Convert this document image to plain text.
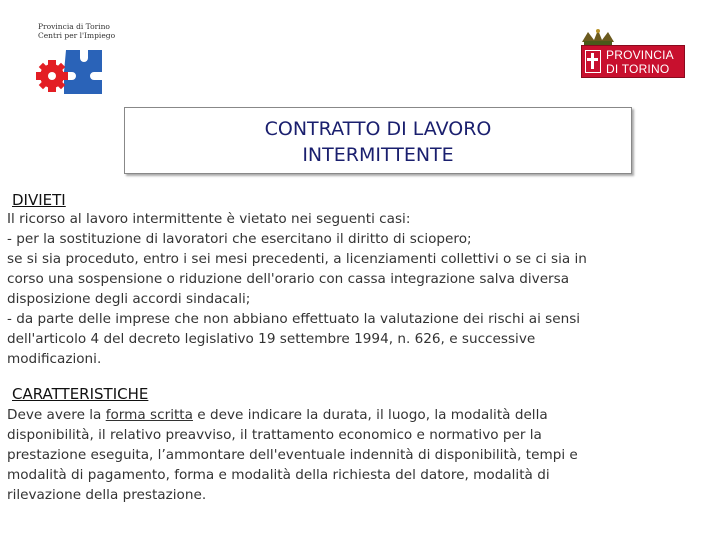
Provincia di Torino
Centri per l'Impiego
PROVINCIA
DI TORINO
CONTRATTO DI LAVORO
INTERMITTENTE
DIVIETI
Il ricorso al lavoro intermittente è vietato nei seguenti casi:
- per la sostituzione di lavoratori che esercitano il diritto di sciopero;
se si sia proceduto, entro i sei mesi precedenti, a licenziamenti collettivi o se ci sia in
corso una sospensione o riduzione dell'orario con cassa integrazione salva diversa
disposizione degli accordi sindacali;
- da parte delle imprese che non abbiano effettuato la valutazione dei rischi ai sensi
dell'articolo 4 del decreto legislativo 19 settembre 1994, n. 626, e successive
modificazioni.
CARATTERISTICHE
Deve avere la forma scritta e deve indicare la durata, il luogo, la modalità della
disponibilità, il relativo preavviso, il trattamento economico e normativo per la
prestazione eseguita, l’ammontare dell'eventuale indennità di disponibilità, tempi e
modalità di pagamento, forma e modalità della richiesta del datore, modalità di
rilevazione della prestazione.
